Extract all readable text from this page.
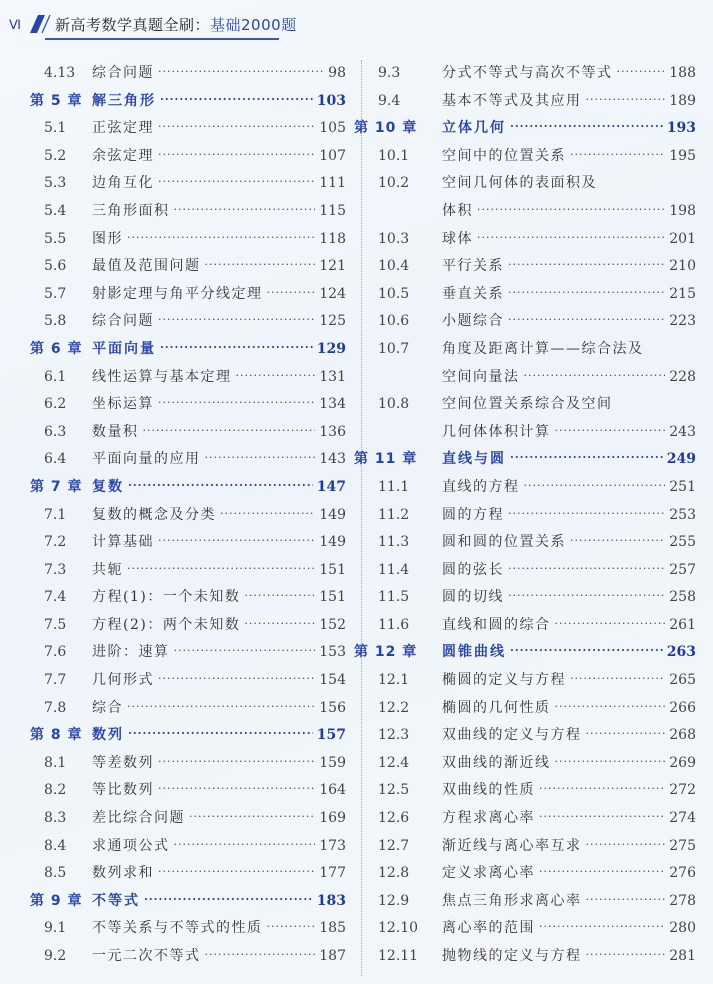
Ⅵ 新高考数学真题全刷：基础2000题
4.13	综合问题 ·····	98
第 5 章 解三角形 ·····	103
5.1	正弦定理 ·····	105
5.2	余弦定理 ·····	107
5.3	边角互化 ·····	111
5.4	三角形面积 ·····	115
5.5	图形 ·····	118
5.6	最值及范围问题 ·····	121
5.7	射影定理与角平分线定理 ·····	124
5.8	综合问题 ·····	125
第 6 章 平面向量 ·····	129
6.1	线性运算与基本定理 ·····	131
6.2	坐标运算 ·····	134
6.3	数量积 ·····	136
6.4	平面向量的应用 ·····	143
第 7 章 复数 ·····	147
7.1	复数的概念及分类 ·····	149
7.2	计算基础 ·····	149
7.3	共轭 ·····	151
7.4	方程(1)：一个未知数 ·····	151
7.5	方程(2)：两个未知数 ·····	152
7.6	进阶：速算 ·····	153
7.7	几何形式 ·····	154
7.8	综合 ·····	156
第 8 章 数列 ·····	157
8.1	等差数列 ·····	159
8.2	等比数列 ·····	164
8.3	差比综合问题 ·····	169
8.4	求通项公式 ·····	173
8.5	数列求和 ·····	177
第 9 章 不等式 ·····	183
9.1	不等关系与不等式的性质 ·····	185
9.2	一元二次不等式 ·····	187
9.3	分式不等式与高次不等式 ·····	188
9.4	基本不等式及其应用 ·····	189
第 10 章 立体几何 ·····	193
10.1	空间中的位置关系 ·····	195
10.2	空间几何体的表面积及
体积 ·····	198
10.3	球体 ·····	201
10.4	平行关系 ·····	210
10.5	垂直关系 ·····	215
10.6	小题综合 ·····	223
10.7	角度及距离计算——综合法及
空间向量法 ·····	228
10.8	空间位置关系综合及空间
几何体体积计算 ·····	243
第 11 章 直线与圆 ·····	249
11.1	直线的方程 ·····	251
11.2	圆的方程 ·····	253
11.3	圆和圆的位置关系 ·····	255
11.4	圆的弦长 ·····	257
11.5	圆的切线 ·····	258
11.6	直线和圆的综合 ·····	261
第 12 章 圆锥曲线 ·····	263
12.1	椭圆的定义与方程 ·····	265
12.2	椭圆的几何性质 ·····	266
12.3	双曲线的定义与方程 ·····	268
12.4	双曲线的渐近线 ·····	269
12.5	双曲线的性质 ·····	272
12.6	方程求离心率 ·····	274
12.7	渐近线与离心率互求 ·····	275
12.8	定义求离心率 ·····	276
12.9	焦点三角形求离心率 ·····	278
12.10	离心率的范围 ·····	280
12.11	抛物线的定义与方程 ·····	281
